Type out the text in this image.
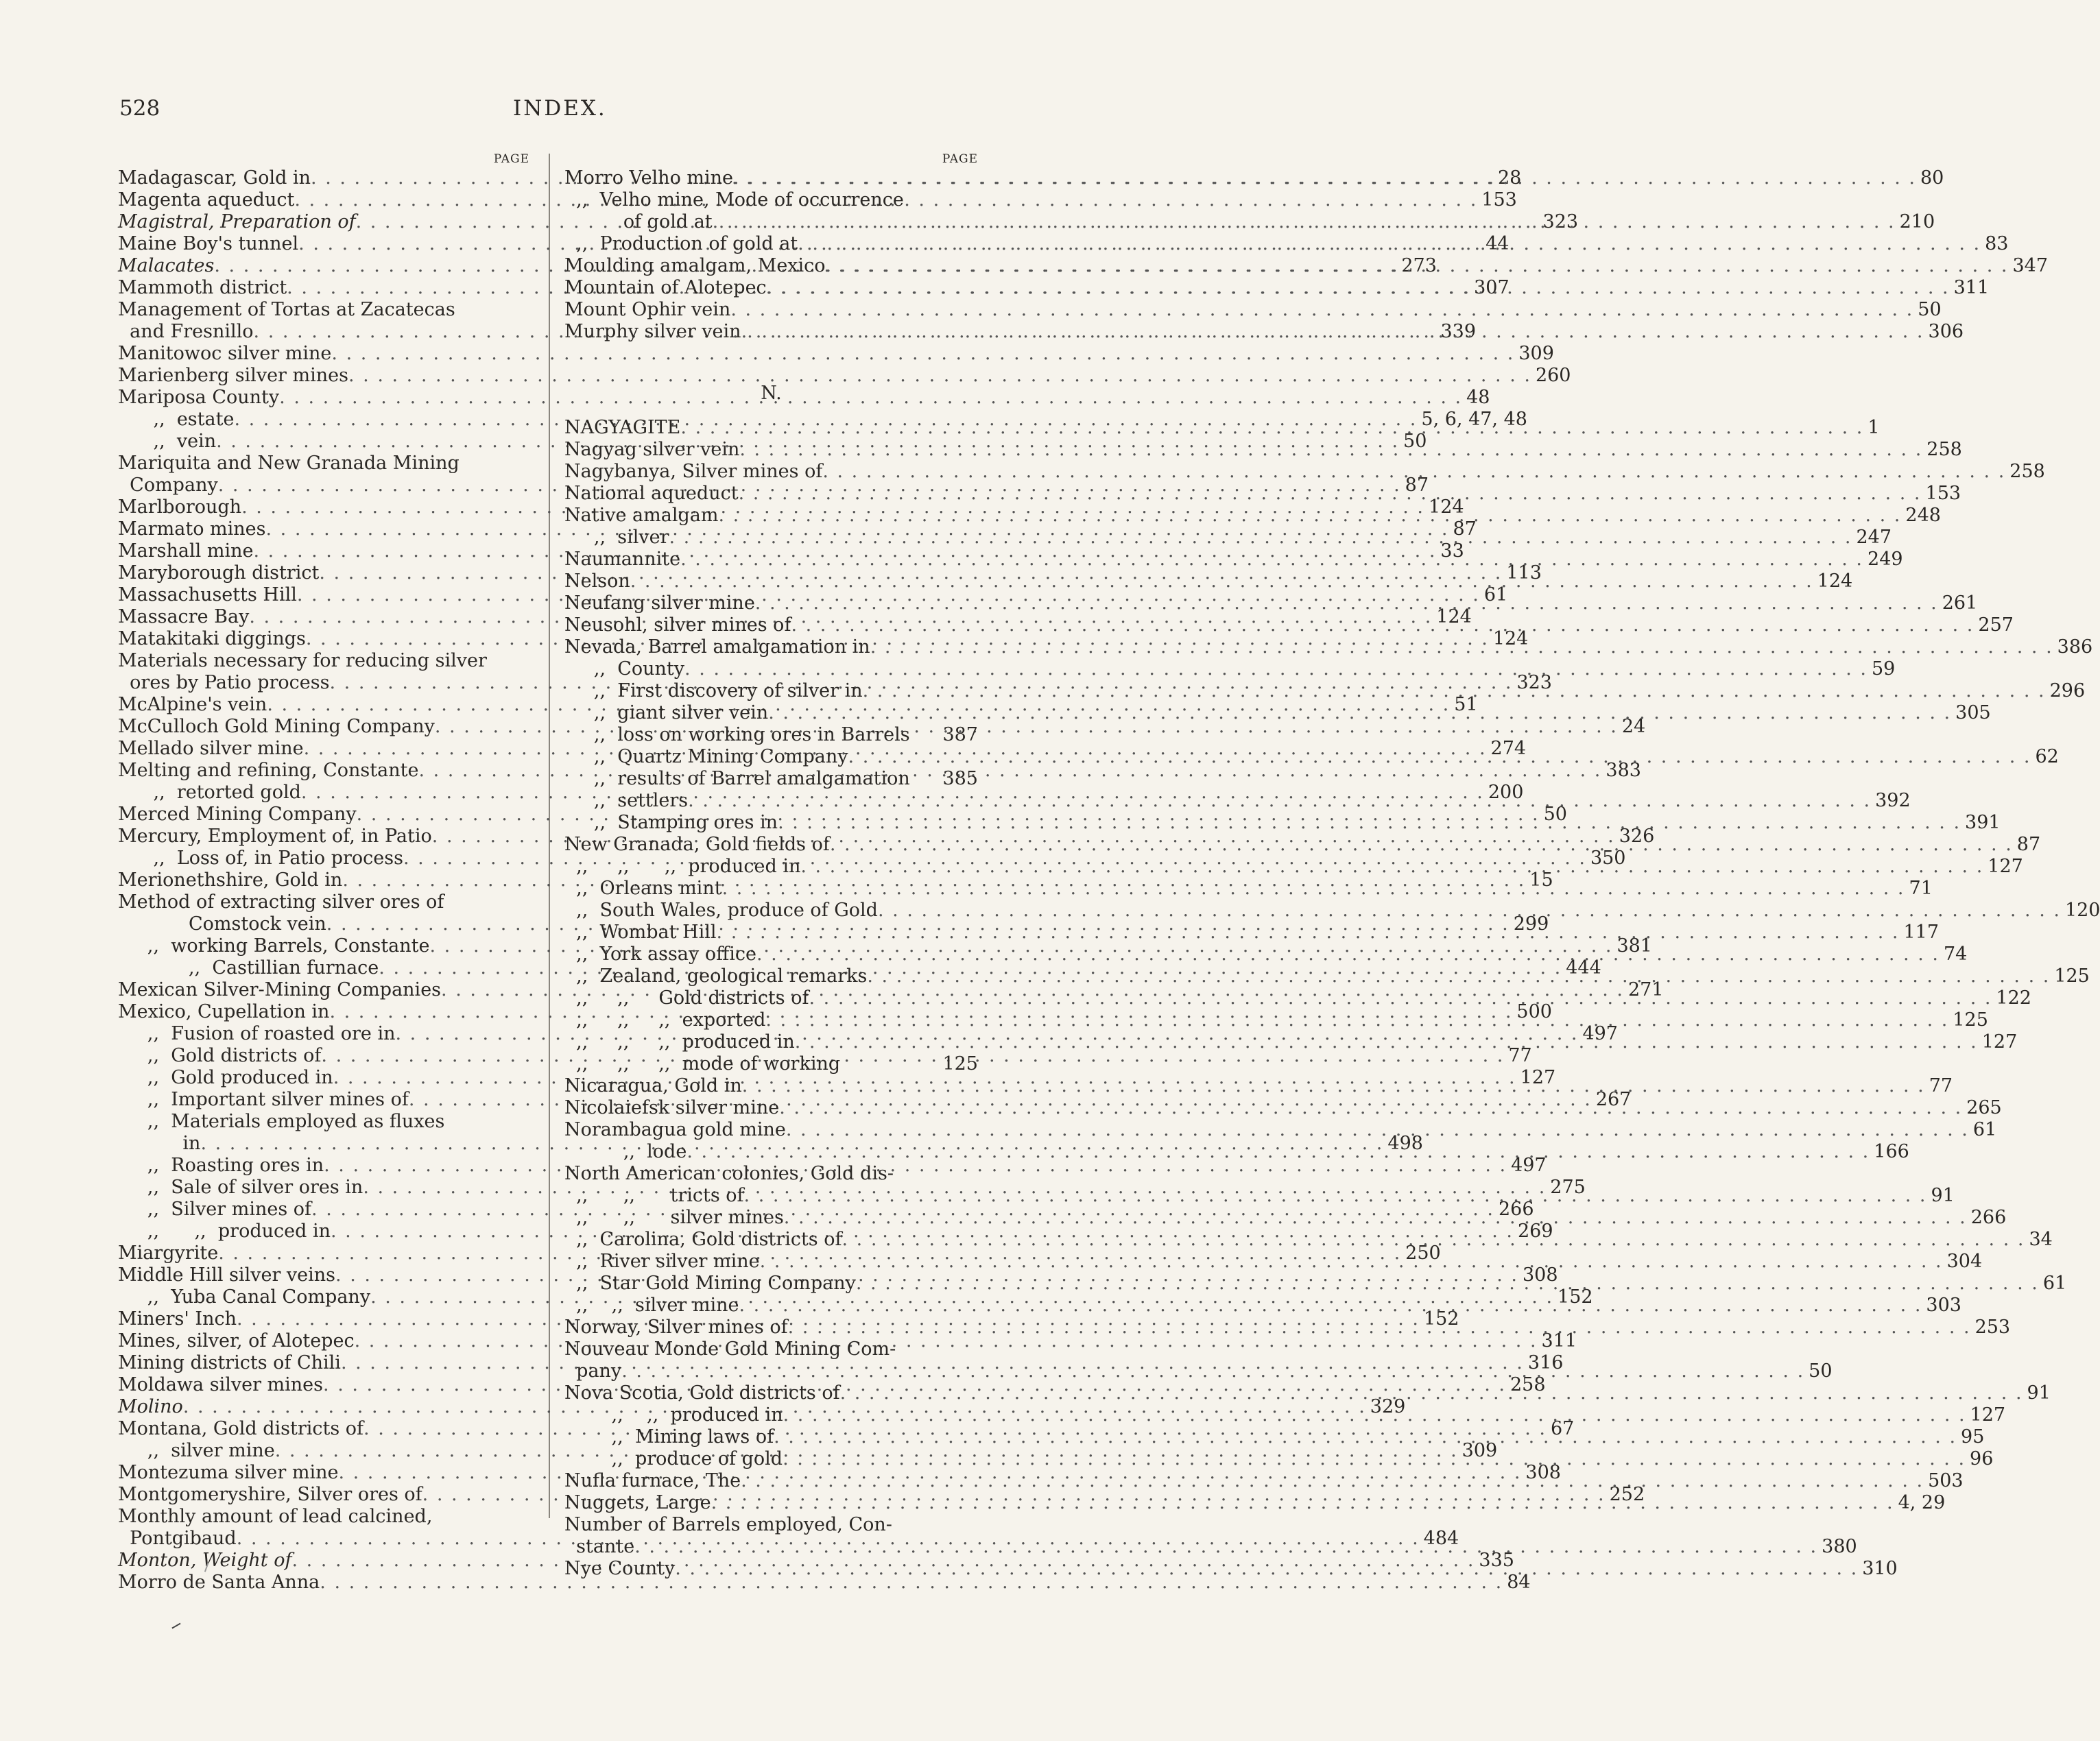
528	INDEX.
PAGE
Madagascar, Gold in . . .	28
Magenta aqueduct . . .	153
Magistral, Preparation of . . .	323
Maine Boy's tunnel . . .	44
Malacates . . .	273
Mammoth district . . .	307
Management of Tortas at Zacatecas
and Fresnillo . . .	339
Manitowoc silver mine . . .	309
Marienberg silver mines . . .	260
Mariposa County . . .	48
,,  estate . . .	5, 6, 47, 48
,,  vein . . .	50
Mariquita and New Granada Mining
Company . . .	87
Marlborough . . .	124
Marmato mines . . .	87
Marshall mine . . .	33
Maryborough district . . .	113
Massachusetts Hill . . .	61
Massacre Bay . . .	124
Matakitaki diggings . . .	124
Materials necessary for reducing silver
ores by Patio process . . .	323
McAlpine's vein . . .	51
McCulloch Gold Mining Company . . .	24
Mellado silver mine . . .	274
Melting and refining, Constante . . .	383
,,  retorted gold . . .	200
Merced Mining Company . . .	50
Mercury, Employment of, in Patio . . .	326
,,  Loss of, in Patio process . . .	350
Merionethshire, Gold in . . .	15
Method of extracting silver ores of
Comstock vein . . .	299
,,  working Barrels, Constante . . .	381
,,  Castillian furnace . . .	444
Mexican Silver-Mining Companies . . .	271
Mexico, Cupellation in . . .	500
,,  Fusion of roasted ore in . . .	497
,,  Gold districts of . . .	77
,,  Gold produced in . . .	127
,,  Important silver mines of . . .	267
,,  Materials employed as fluxes
in . . .	498
,,  Roasting ores in . . .	497
,,  Sale of silver ores in . . .	275
,,  Silver mines of . . .	266
,,      ,,  produced in . . .	269
Miargyrite . . .	250
Middle Hill silver veins . . .	308
,,  Yuba Canal Company . . .	152
Miners' Inch . . .	152
Mines, silver, of Alotepec . . .	311
Mining districts of Chili . . .	316
Moldawa silver mines . . .	258
Molino . . .	329
Montana, Gold districts of . . .	67
,,  silver mine . . .	309
Montezuma silver mine . . .	308
Montgomeryshire, Silver ores of . . .	252
Monthly amount of lead calcined,
Pontgibaud . . .	484
Monton, Weight of . . .	335
Morro de Santa Anna . . .	84
PAGE
Morro Velho mine . . .	80
,,  Velho mine, Mode of occurrence
of gold at . . .	210
,,  Production of gold at . . .	83
Moulding amalgam, Mexico . . .	347
Mountain of Alotepec . . .	311
Mount Ophir vein . . .	50
Murphy silver vein . . .	306
N.
NAGYAGITE . . .	1
Nagyag silver vein . . .	258
Nagybanya, Silver mines of . . .	258
National aqueduct . . .	153
Native amalgam . . .	248
,,  silver . . .	247
Naumannite . . .	249
Nelson . . .	124
Neufang silver mine . . .	261
Neusohl, silver mines of . . .	257
Nevada, Barrel amalgamation in . . .	386
,,  County . . .	59
,,  First discovery of silver in . . .	296
,,  giant silver vein . . .	305
,,  loss on working ores in Barrels 387
,,  Quartz Mining Company . . .	62
,,  results of Barrel amalgamation 385
,,  settlers . . .	392
,,  Stamping ores in . . .	391
New Granada, Gold fields of . . .	87
,,     ,,      ,,  produced in . . .	127
,,  Orleans mint . . .	71
,,  South Wales, produce of Gold . . .	120
,,  Wombat Hill . . .	117
,,  York assay office . . .	74
,,  Zealand, geological remarks . . .	125
,,     ,,     Gold districts of . . .	122
,,     ,,     ,,  exported . . .	125
,,     ,,     ,,  produced in . . .	127
,,     ,,     ,,  mode of working	125
Nicaragua, Gold in . . .	77
Nicolaiefsk silver mine . . .	265
Norambagua gold mine . . .	61
,,  lode . . .	166
North American colonies, Gold dis-
,,      ,,      tricts of . . .	91
,,      ,,      silver mines . . .	266
,,  Carolina, Gold districts of . . .	34
,,  River silver mine . . .	304
,,  Star Gold Mining Company . . .	61
,,    ,,  silver mine . . .	303
Norway, Silver mines of . . .	253
Nouveau Monde Gold Mining Com-
pany . . .	50
Nova Scotia, Gold districts of . . .	91
,,    ,,  produced in . . .	127
,,  Mining laws of . . .	95
,,  produce of gold . . .	96
Nufla furnace, The . . .	503
Nuggets, Large . . .	4, 29
Number of Barrels employed, Con-
stante . . .	380
Nye County . . .	310
